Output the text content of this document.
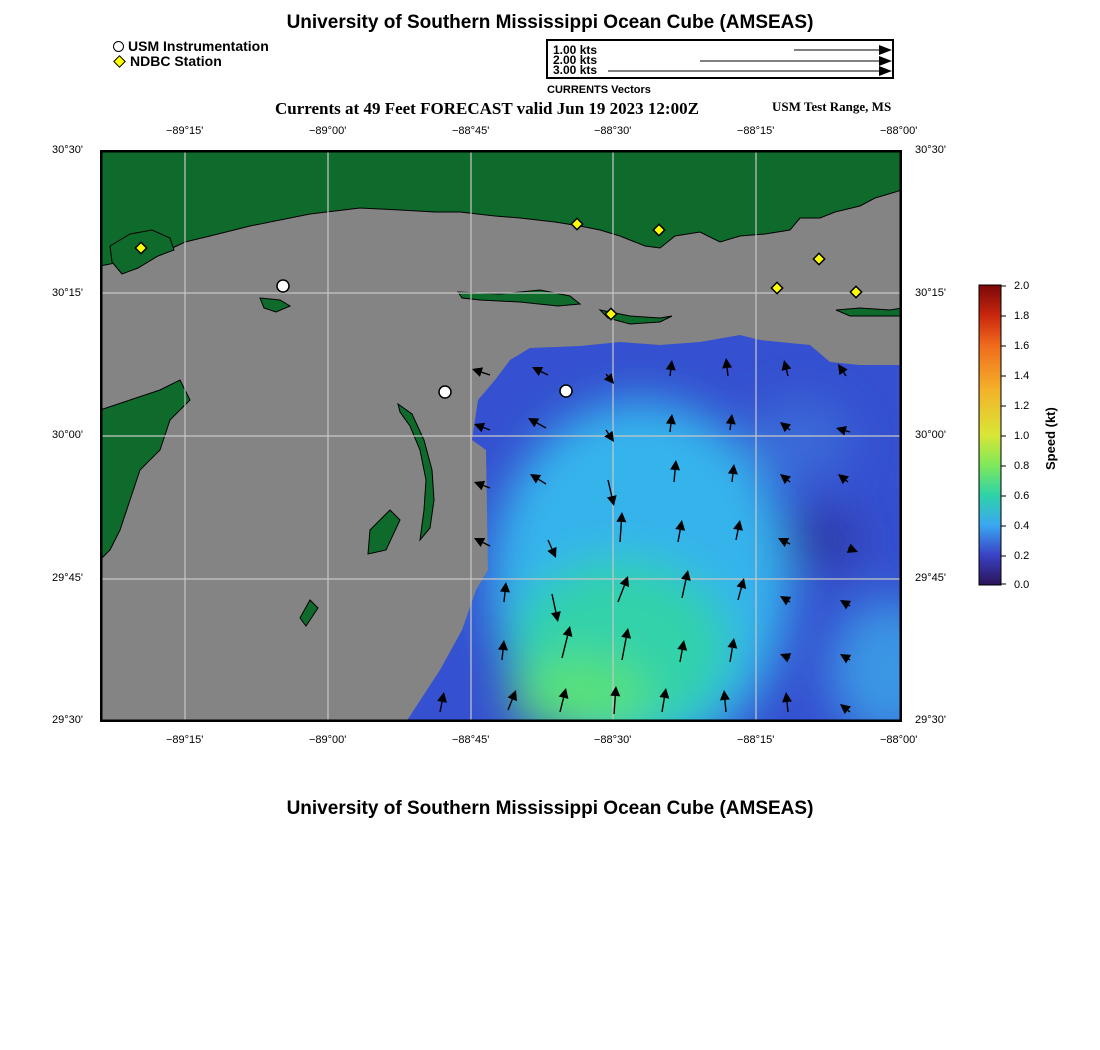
University of Southern Mississippi Ocean Cube (AMSEAS)
USM Instrumentation
NDBC Station
1.00 kts
2.00 kts
3.00 kts
CURRENTS Vectors
Currents at 49 Feet FORECAST valid Jun 19 2023 12:00Z	USM Test Range, MS
−89°15'	−89°00'	−88°45'	−88°30'	−88°15'	−88°00'
−89°15'	−89°00'	−88°45'	−88°30'	−88°15'	−88°00'
30°30'
30°15'
30°00'
29°45'
29°30'
30°30'
30°15'
30°00'
29°45'
29°30'
2.0
1.8
1.6
1.4
1.2
1.0
0.8
0.6
0.4
0.2
0.0
Speed (kt)
University of Southern Mississippi Ocean Cube (AMSEAS)
